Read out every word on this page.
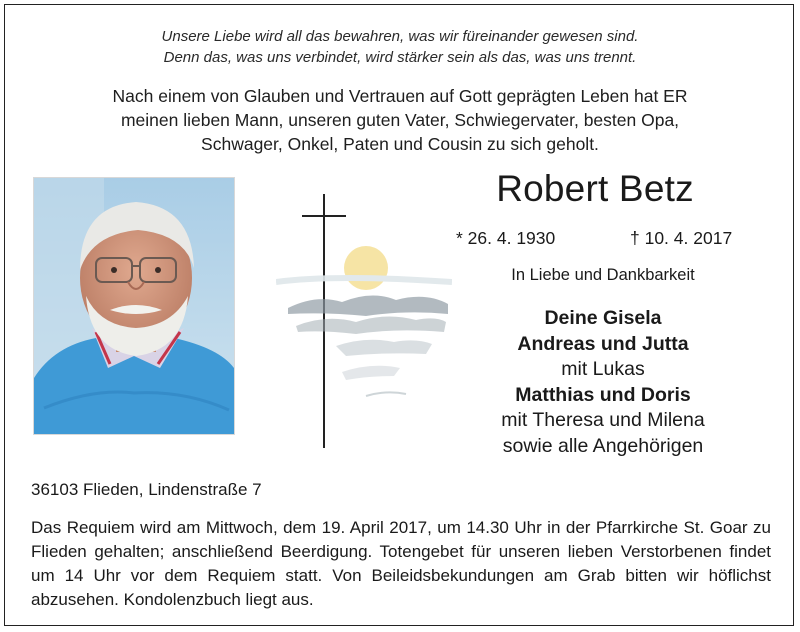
Unsere Liebe wird all das bewahren, was wir füreinander gewesen sind.
Denn das, was uns verbindet, wird stärker sein als das, was uns trennt.
Nach einem von Glauben und Vertrauen auf Gott geprägten Leben hat ER
meinen lieben Mann, unseren guten Vater, Schwiegervater, besten Opa,
Schwager, Onkel, Paten und Cousin zu sich geholt.
Robert Betz
* 26. 4. 1930	† 10. 4. 2017
In Liebe und Dankbarkeit
Deine Gisela
Andreas und Jutta
mit Lukas
Matthias und Doris
mit Theresa und Milena
sowie alle Angehörigen
36103 Flieden, Lindenstraße 7
Das Requiem wird am Mittwoch, dem 19. April 2017, um 14.30 Uhr in der Pfarrkirche St. Goar zu Flieden gehalten; anschließend Beerdigung. Totengebet für unseren lieben Verstorbenen findet um 14 Uhr vor dem Requiem statt. Von Beileidsbekundungen am Grab bitten wir höflichst abzusehen. Kondolenzbuch liegt aus.
